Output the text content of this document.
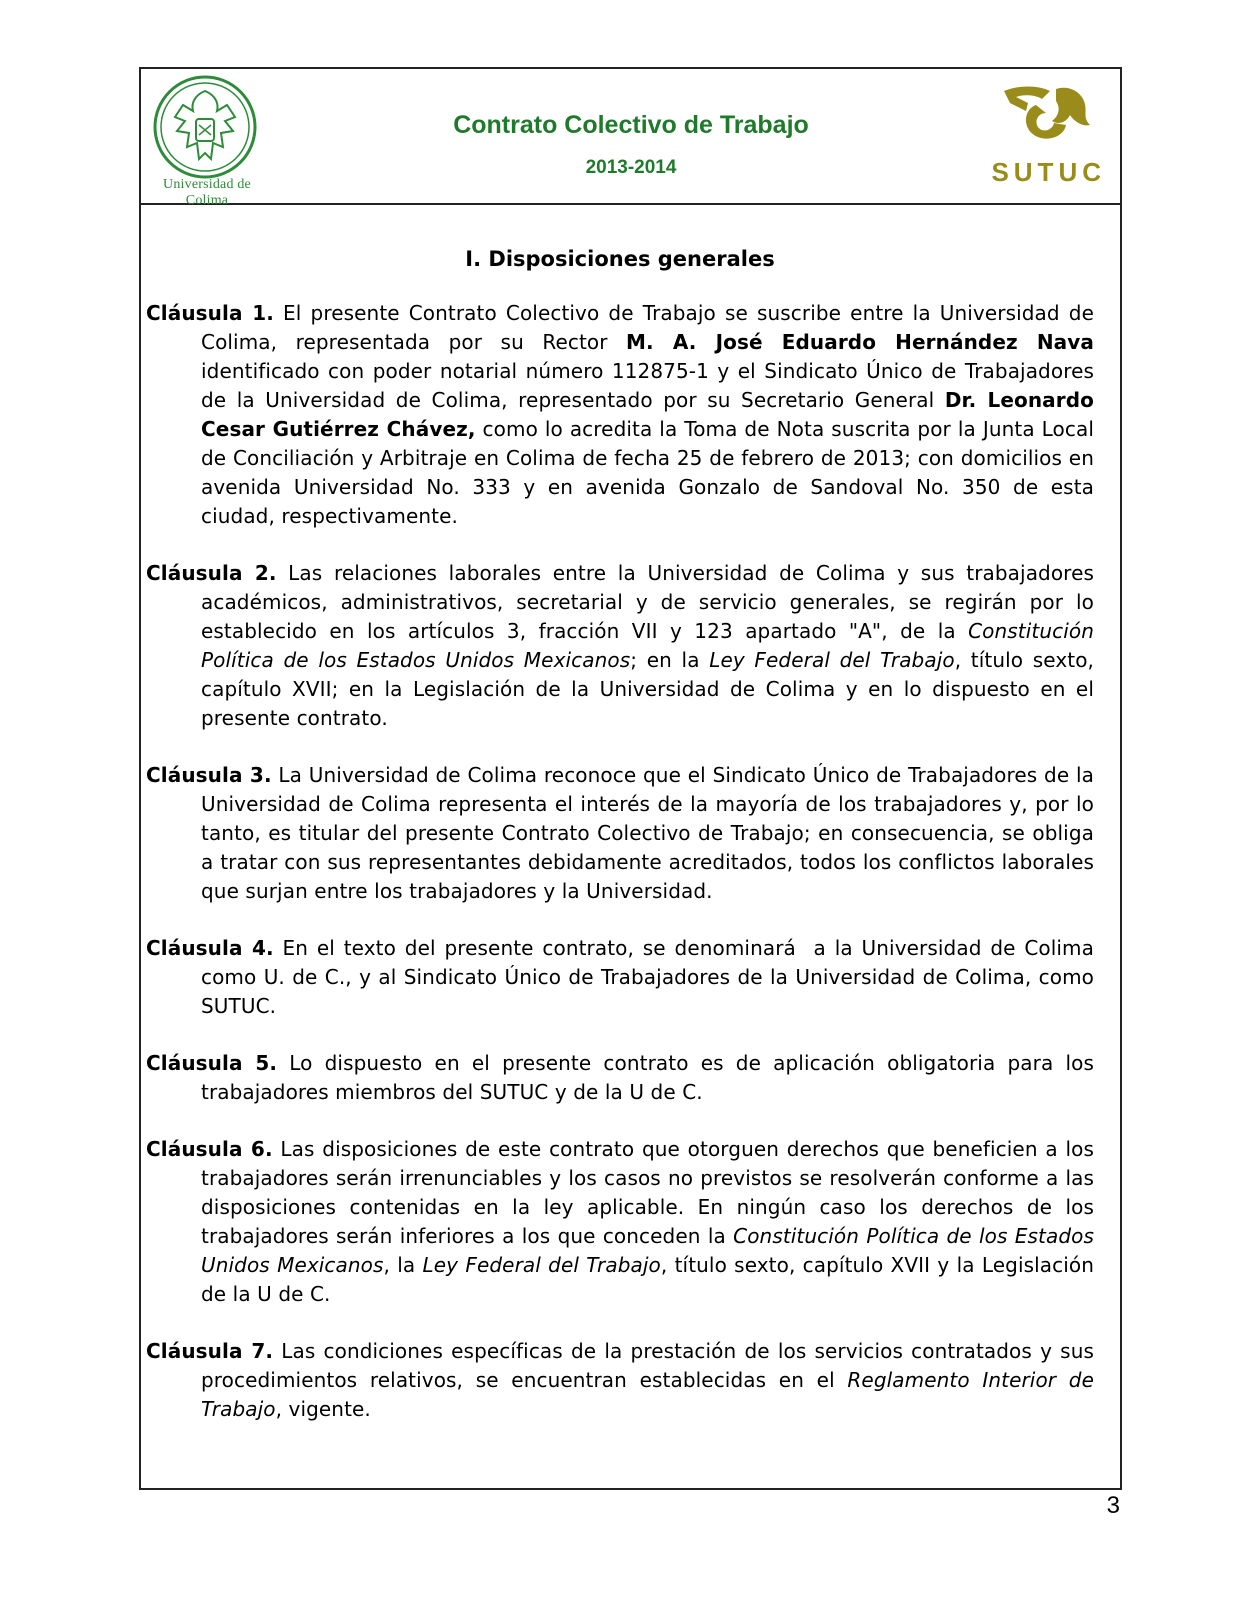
Universidad de Colima
Contrato Colectivo de Trabajo
2013-2014	SUTUC
I. Disposiciones generales

Cláusula 1. El presente Contrato Colectivo de Trabajo se suscribe entre la Universidad de Colima, representada por su Rector M. A. José Eduardo Hernández Nava identificado con poder notarial número 112875-1 y el Sindicato Único de Trabajadores de la Universidad de Colima, representado por su Secretario General Dr. Leonardo Cesar Gutiérrez Chávez, como lo acredita la Toma de Nota suscrita por la Junta Local de Conciliación y Arbitraje en Colima de fecha 25 de febrero de 2013; con domicilios en avenida Universidad No. 333 y en avenida Gonzalo de Sandoval No. 350 de esta ciudad, respectivamente.

Cláusula 2. Las relaciones laborales entre la Universidad de Colima y sus trabajadores académicos, administrativos, secretarial y de servicio generales, se regirán por lo establecido en los artículos 3, fracción VII y 123 apartado "A", de la Constitución Política de los Estados Unidos Mexicanos; en la Ley Federal del Trabajo, título sexto, capítulo XVII; en la Legislación de la Universidad de Colima y en lo dispuesto en el presente contrato.

Cláusula 3. La Universidad de Colima reconoce que el Sindicato Único de Trabajadores de la Universidad de Colima representa el interés de la mayoría de los trabajadores y, por lo tanto, es titular del presente Contrato Colectivo de Trabajo; en consecuencia, se obliga a tratar con sus representantes debidamente acreditados, todos los conflictos laborales que surjan entre los trabajadores y la Universidad.

Cláusula 4. En el texto del presente contrato, se denominará  a la Universidad de Colima como U. de C., y al Sindicato Único de Trabajadores de la Universidad de Colima, como SUTUC.

Cláusula 5. Lo dispuesto en el presente contrato es de aplicación obligatoria para los trabajadores miembros del SUTUC y de la U de C.

Cláusula 6. Las disposiciones de este contrato que otorguen derechos que beneficien a los trabajadores serán irrenunciables y los casos no previstos se resolverán conforme a las disposiciones contenidas en la ley aplicable. En ningún caso los derechos de los trabajadores serán inferiores a los que conceden la Constitución Política de los Estados Unidos Mexicanos, la Ley Federal del Trabajo, título sexto, capítulo XVII y la Legislación de la U de C.

Cláusula 7. Las condiciones específicas de la prestación de los servicios contratados y sus procedimientos relativos, se encuentran establecidas en el Reglamento Interior de Trabajo, vigente.

3
